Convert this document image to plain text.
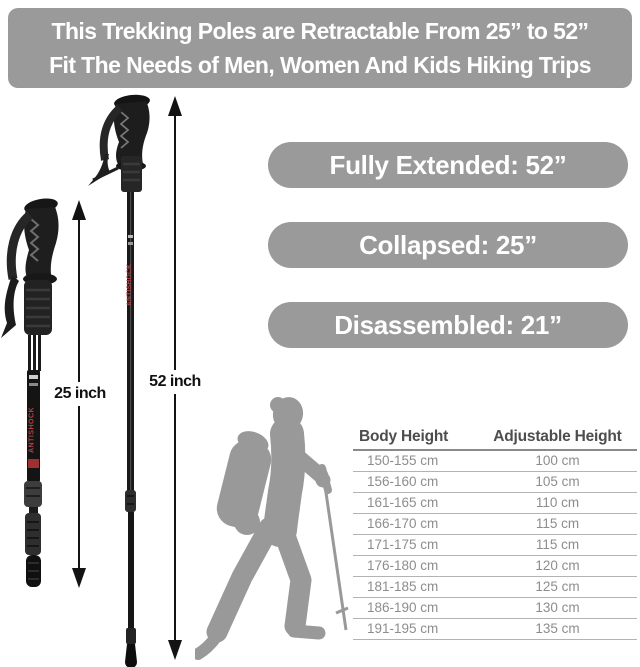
This Trekking Poles are Retractable From 25” to 52”
Fit The Needs of Men, Women And Kids Hiking Trips
ANTISHOCK
ANTISHOCK
25 inch
52 inch
Fully Extended: 52”
Collapsed: 25”
Disassembled: 21”
Body Height	Adjustable Height
150-155 cm	100 cm
156-160 cm	105 cm
161-165 cm	110 cm
166-170 cm	115 cm
171-175 cm	115 cm
176-180 cm	120 cm
181-185 cm	125 cm
186-190 cm	130 cm
191-195 cm	135 cm
